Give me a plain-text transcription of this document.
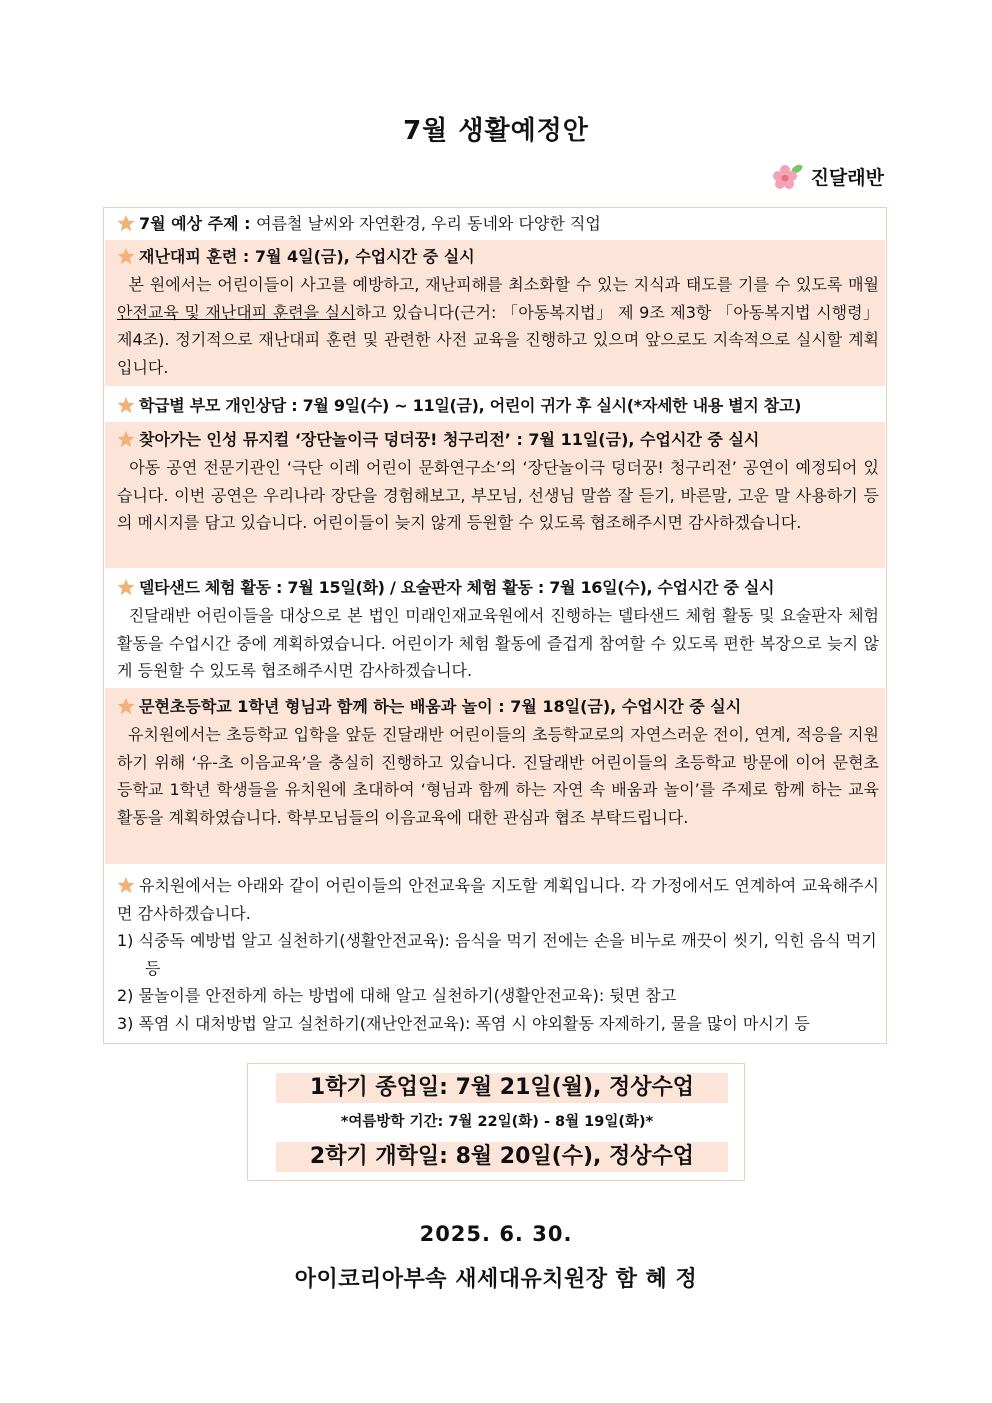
7월 생활예정안
진달래반
7월 예상 주제 : 여름철 날씨와 자연환경, 우리 동네와 다양한 직업
재난대피 훈련 : 7월 4일(금), 수업시간 중 실시
본 원에서는 어린이들이 사고를 예방하고, 재난피해를 최소화할 수 있는 지식과 태도를 기를 수 있도록 매월 안전교육 및 재난대피 훈련을 실시하고 있습니다(근거: 「아동복지법」 제 9조 제3항 「아동복지법 시행령」 제4조). 정기적으로 재난대피 훈련 및 관련한 사전 교육을 진행하고 있으며 앞으로도 지속적으로 실시할 계획입니다.
학급별 부모 개인상담 : 7월 9일(수) ~ 11일(금), 어린이 귀가 후 실시(*자세한 내용 별지 참고)
찾아가는 인성 뮤지컬 ‘장단놀이극 덩더꿍! 청구리전’ : 7월 11일(금), 수업시간 중 실시
아동 공연 전문기관인 ‘극단 이레 어린이 문화연구소’의 ‘장단놀이극 덩더꿍! 청구리전’ 공연이 예정되어 있습니다. 이번 공연은 우리나라 장단을 경험해보고, 부모님, 선생님 말씀 잘 듣기, 바른말, 고운 말 사용하기 등의 메시지를 담고 있습니다. 어린이들이 늦지 않게 등원할 수 있도록 협조해주시면 감사하겠습니다.
델타샌드 체험 활동 : 7월 15일(화) / 요술판자 체험 활동 : 7월 16일(수), 수업시간 중 실시
진달래반 어린이들을 대상으로 본 법인 미래인재교육원에서 진행하는 델타샌드 체험 활동 및 요술판자 체험 활동을 수업시간 중에 계획하였습니다. 어린이가 체험 활동에 즐겁게 참여할 수 있도록 편한 복장으로 늦지 않게 등원할 수 있도록 협조해주시면 감사하겠습니다.
문현초등학교 1학년 형님과 함께 하는 배움과 놀이 : 7월 18일(금), 수업시간 중 실시
유치원에서는 초등학교 입학을 앞둔 진달래반 어린이들의 초등학교로의 자연스러운 전이, 연계, 적응을 지원하기 위해 ‘유-초 이음교육’을 충실히 진행하고 있습니다. 진달래반 어린이들의 초등학교 방문에 이어 문현초등학교 1학년 학생들을 유치원에 초대하여 ‘형님과 함께 하는 자연 속 배움과 놀이’를 주제로 함께 하는 교육 활동을 계획하였습니다. 학부모님들의 이음교육에 대한 관심과 협조 부탁드립니다.
유치원에서는 아래와 같이 어린이들의 안전교육을 지도할 계획입니다. 각 가정에서도 연계하여 교육해주시면 감사하겠습니다.
1) 식중독 예방법 알고 실천하기(생활안전교육): 음식을 먹기 전에는 손을 비누로 깨끗이 씻기, 익힌 음식 먹기 등
2) 물놀이를 안전하게 하는 방법에 대해 알고 실천하기(생활안전교육): 뒷면 참고
3) 폭염 시 대처방법 알고 실천하기(재난안전교육): 폭염 시 야외활동 자제하기, 물을 많이 마시기 등
1학기 종업일: 7월 21일(월), 정상수업
*여름방학 기간: 7월 22일(화) - 8월 19일(화)*
2학기 개학일: 8월 20일(수), 정상수업
2025. 6. 30.
아이코리아부속 새세대유치원장 함 혜 정
